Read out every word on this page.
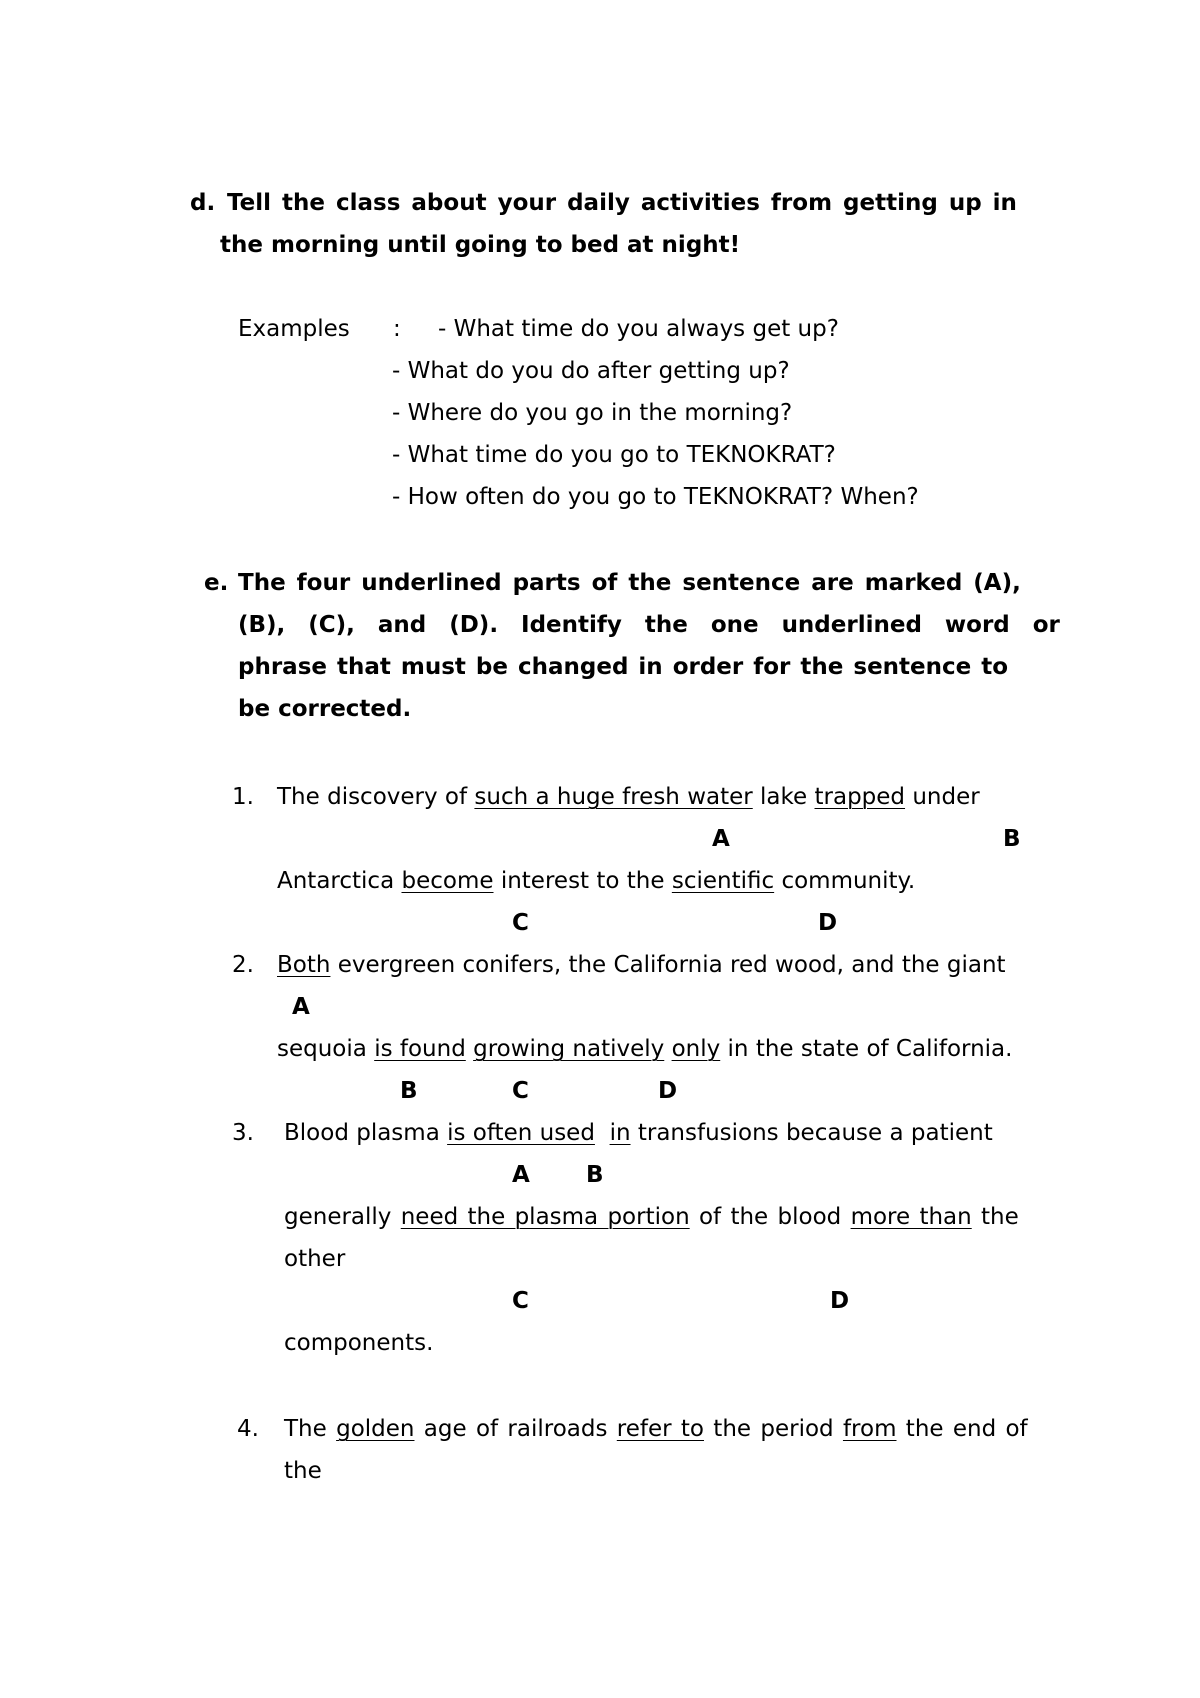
d. Tell the class about your daily activities from getting up in
the morning until going to bed at night!
Examples : - What time do you always get up?
- What do you do after getting up?
- Where do you go in the morning?
- What time do you go to TEKNOKRAT?
- How often do you go to TEKNOKRAT? When?
e. The four underlined parts of the sentence are marked (A),
(B), (C), and (D). Identify the one underlined word or
phrase that must be changed in order for the sentence to
be corrected.
1. The discovery of such a huge fresh water lake trapped under
A	B
Antarctica become interest to the scientific community.
C	D
2. Both evergreen conifers, the California red wood, and the giant
A
sequoia is found growing natively only in the state of California.
B	C	D
3. Blood plasma is often used in transfusions because a patient
A B
generally need the plasma portion of the blood more than the
other
C	D
components.
4. The golden age of railroads refer to the period from the end of
the
